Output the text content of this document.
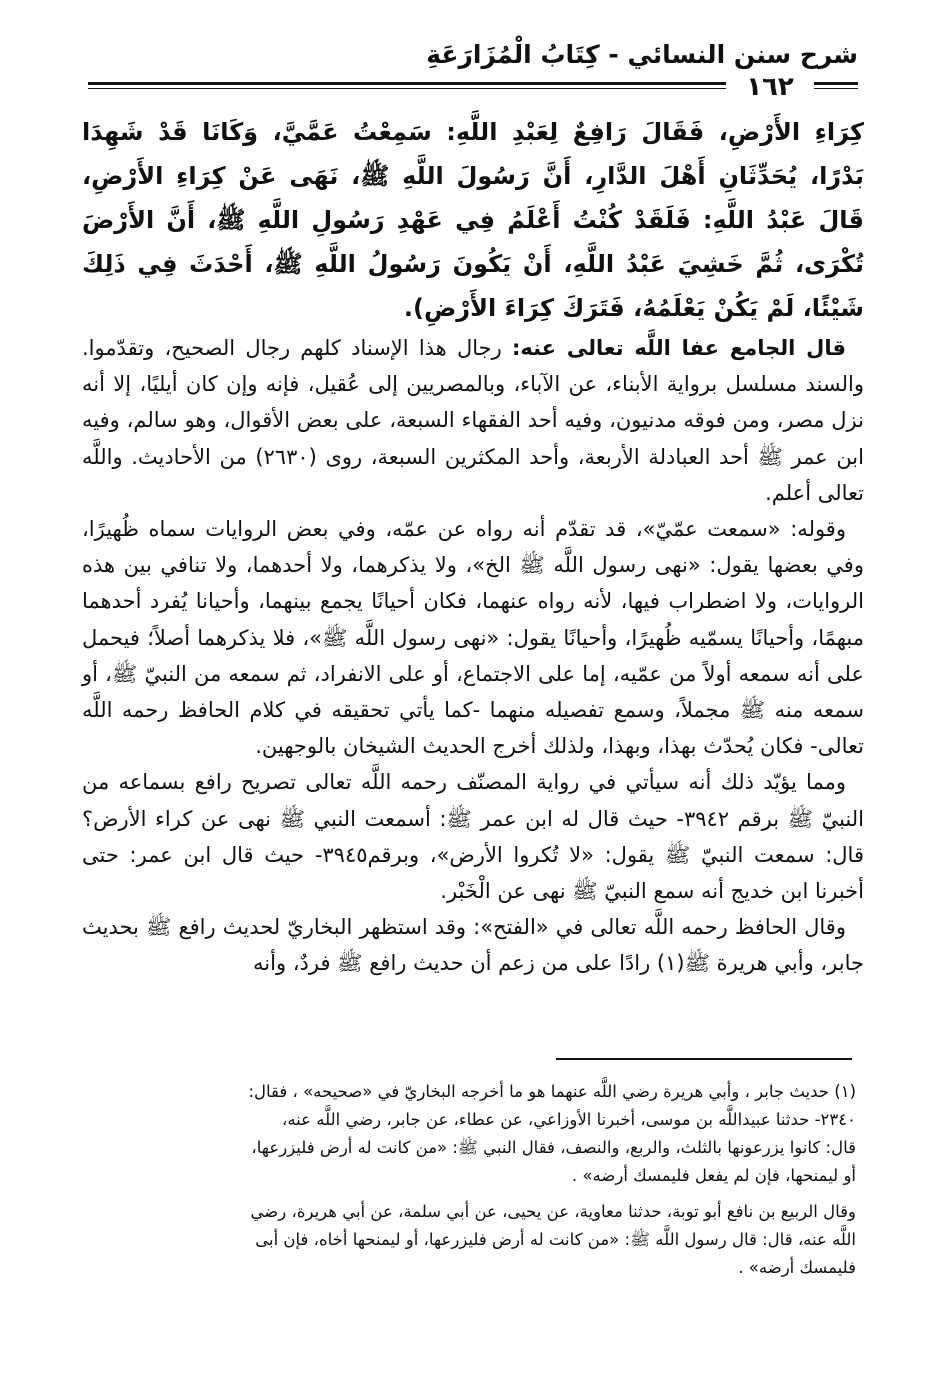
شرح سنن النسائي - كِتَابُ الْمُزَارَعَةِ
١٦٢

كِرَاءِ الأَرْضِ، فَقَالَ رَافِعٌ لِعَبْدِ اللَّهِ: سَمِعْتُ عَمَّيَّ، وَكَانَا قَدْ شَهِدَا بَدْرًا، يُحَدِّثَانِ أَهْلَ الدَّارِ، أَنَّ رَسُولَ اللَّهِ ﷺ، نَهَى عَنْ كِرَاءِ الأَرْضِ، قَالَ عَبْدُ اللَّهِ: فَلَقَدْ كُنْتُ أَعْلَمُ فِي عَهْدِ رَسُولِ اللَّهِ ﷺ، أَنَّ الأَرْضَ تُكْرَى، ثُمَّ خَشِيَ عَبْدُ اللَّهِ، أَنْ يَكُونَ رَسُولُ اللَّهِ ﷺ، أَحْدَثَ فِي ذَلِكَ شَيْئًا، لَمْ يَكُنْ يَعْلَمُهُ، فَتَرَكَ كِرَاءَ الأَرْضِ).

قال الجامع عفا اللَّه تعالى عنه: رجال هذا الإسناد كلهم رجال الصحيح، وتقدّموا. والسند مسلسل برواية الأبناء، عن الآباء، وبالمصريين إلى عُقيل، فإنه وإن كان أيليًا، إلا أنه نزل مصر، ومن فوقه مدنيون، وفيه أحد الفقهاء السبعة، على بعض الأقوال، وهو سالم، وفيه ابن عمر ﷺ أحد العبادلة الأربعة، وأحد المكثرين السبعة، روى (٢٦٣٠) من الأحاديث. واللَّه تعالى أعلم.

وقوله: «سمعت عمّيّ»، قد تقدّم أنه رواه عن عمّه، وفي بعض الروايات سماه ظُهيرًا، وفي بعضها يقول: «نهى رسول اللَّه ﷺ الخ»، ولا يذكرهما، ولا أحدهما، ولا تنافي بين هذه الروايات، ولا اضطراب فيها، لأنه رواه عنهما، فكان أحيانًا يجمع بينهما، وأحيانا يُفرد أحدهما مبهمًا، وأحيانًا يسمّيه ظُهيرًا، وأحيانًا يقول: «نهى رسول اللَّه ﷺ»، فلا يذكرهما أصلاً؛ فيحمل على أنه سمعه أولاً من عمّيه، إما على الاجتماع، أو على الانفراد، ثم سمعه من النبيّ ﷺ، أو سمعه منه ﷺ مجملاً، وسمع تفصيله منهما -كما يأتي تحقيقه في كلام الحافظ رحمه اللَّه تعالى- فكان يُحدّث بهذا، وبهذا، ولذلك أخرج الحديث الشيخان بالوجهين.

ومما يؤيّد ذلك أنه سيأتي في رواية المصنّف رحمه اللَّه تعالى تصريح رافع بسماعه من النبيّ ﷺ برقم ٣٩٤٢- حيث قال له ابن عمر ﷺ: أسمعت النبي ﷺ نهى عن كراء الأرض؟ قال: سمعت النبيّ ﷺ يقول: «لا تُكروا الأرض»، وبرقم٣٩٤٥- حيث قال ابن عمر: حتى أخبرنا ابن خديج أنه سمع النبيّ ﷺ نهى عن الْخَبْر.

وقال الحافظ رحمه اللَّه تعالى في «الفتح»: وقد استظهر البخاريّ لحديث رافع ﷺ بحديث جابر، وأبي هريرة ﷺ(١) رادًا على من زعم أن حديث رافع ﷺ فردٌ، وأنه

(١) حديث جابر ، وأبي هريرة رضي اللَّه عنهما هو ما أخرجه البخاريّ في «صحيحه» ، فقال:

٢٣٤٠- حدثنا عبيداللَّه بن موسى، أخبرنا الأوزاعي، عن عطاء، عن جابر، رضي اللَّه عنه،

قال: كانوا يزرعونها بالثلث، والربع، والنصف، فقال النبي ﷺ: «من كانت له أرض فليزرعها،

أو ليمنحها، فإن لم يفعل فليمسك أرضه» .

وقال الربيع بن نافع أبو توبة، حدثنا معاوية، عن يحيى، عن أبي سلمة، عن أبي هريرة، رضي

اللَّه عنه، قال: قال رسول اللَّه ﷺ: «من كانت له أرض فليزرعها، أو ليمنحها أخاه، فإن أبى

فليمسك أرضه» .
